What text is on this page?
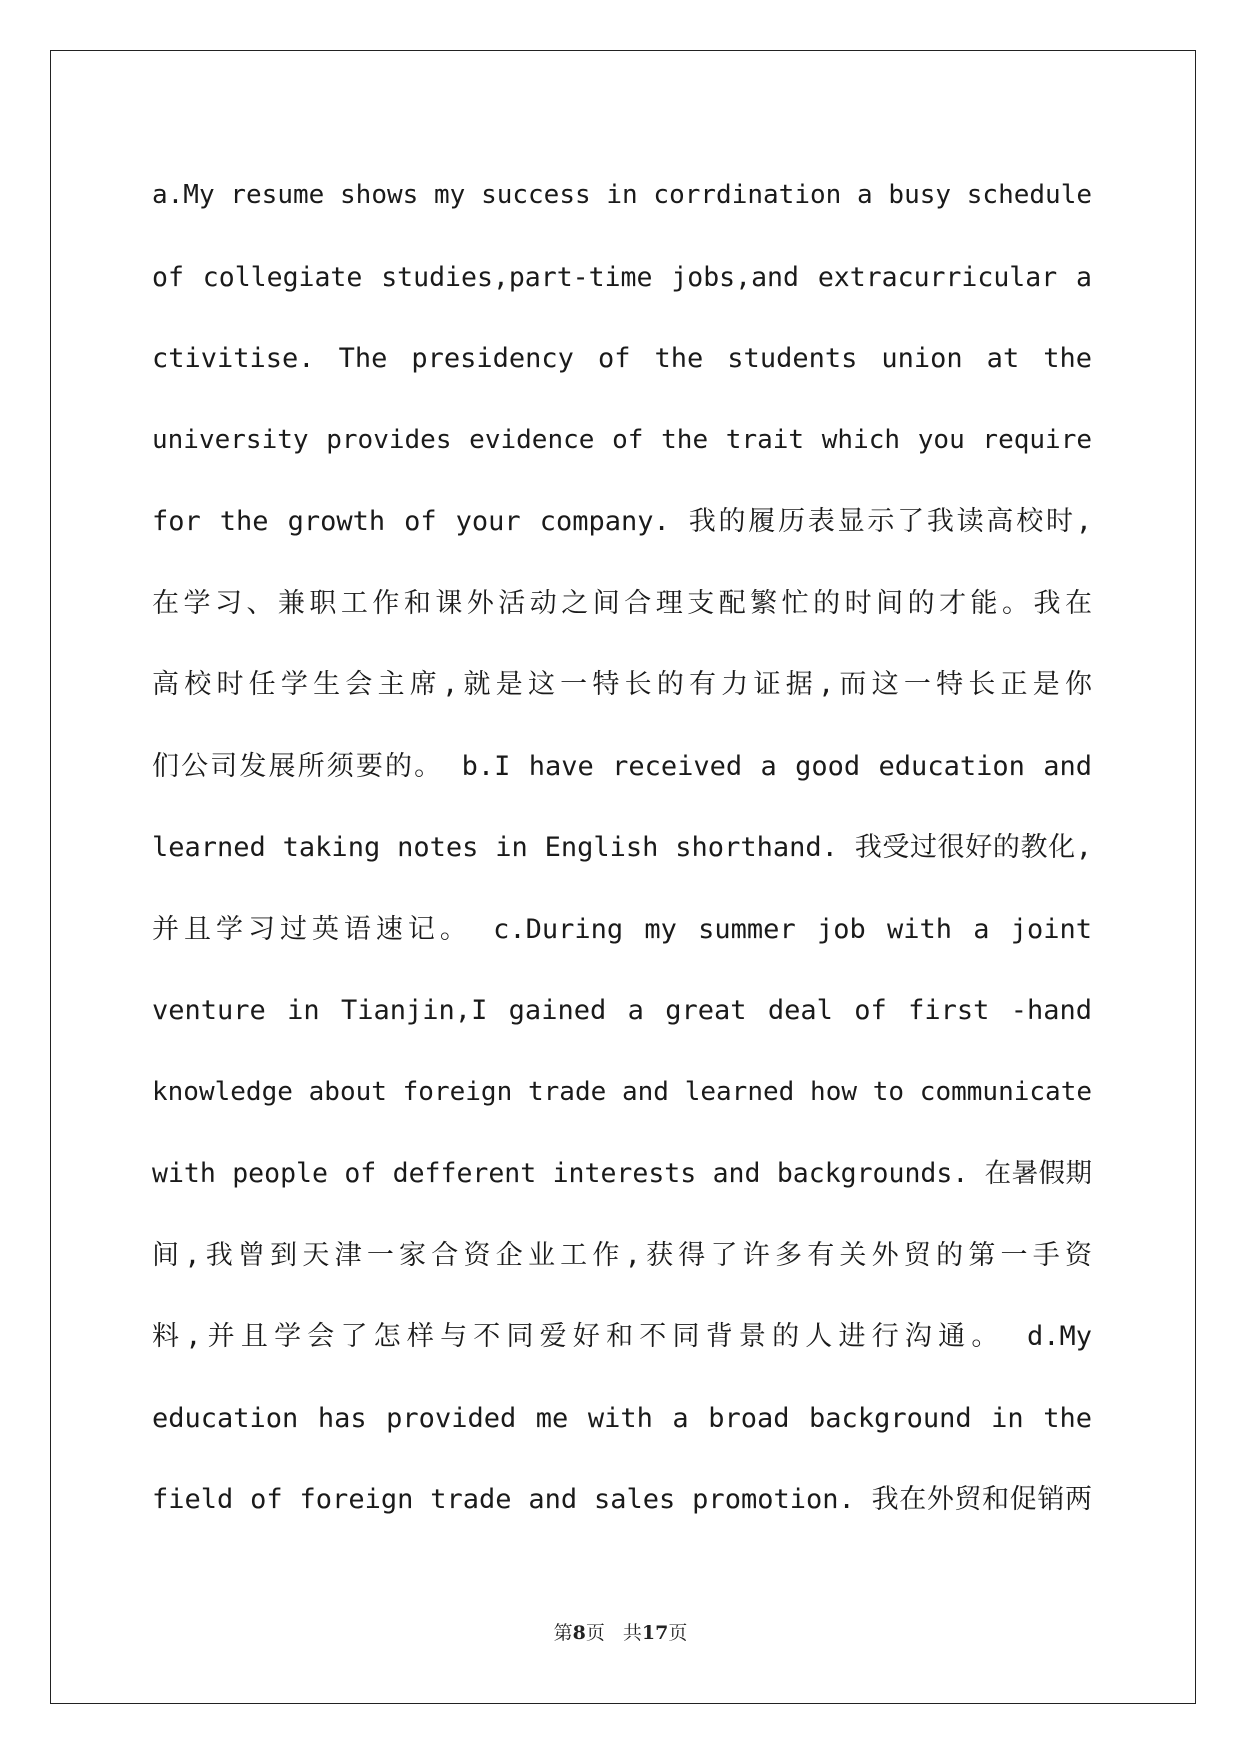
a.My resume shows my success in corrdination a busy schedule
of collegiate studies,part-time jobs,and extracurricular a
ctivitise. The presidency of the students union at the
university provides evidence of the trait which you require
for the growth of your company. 我的履历表显示了我读高校时,
在学习、兼职工作和课外活动之间合理支配繁忙的时间的才能。我在
高校时任学生会主席,就是这一特长的有力证据,而这一特长正是你
们公司发展所须要的。 b.I have received a good education and
learned taking notes in English shorthand. 我受过很好的教化,
并且学习过英语速记。 c.During my summer job with a joint
venture in Tianjin,I gained a great deal of first -hand
knowledge about foreign trade and learned how to communicate
with people of defferent interests and backgrounds. 在暑假期
间,我曾到天津一家合资企业工作,获得了许多有关外贸的第一手资
料,并且学会了怎样与不同爱好和不同背景的人进行沟通。 d.My
education has provided me with a broad background in the
field of foreign trade and sales promotion. 我在外贸和促销两
第8页 共17页
